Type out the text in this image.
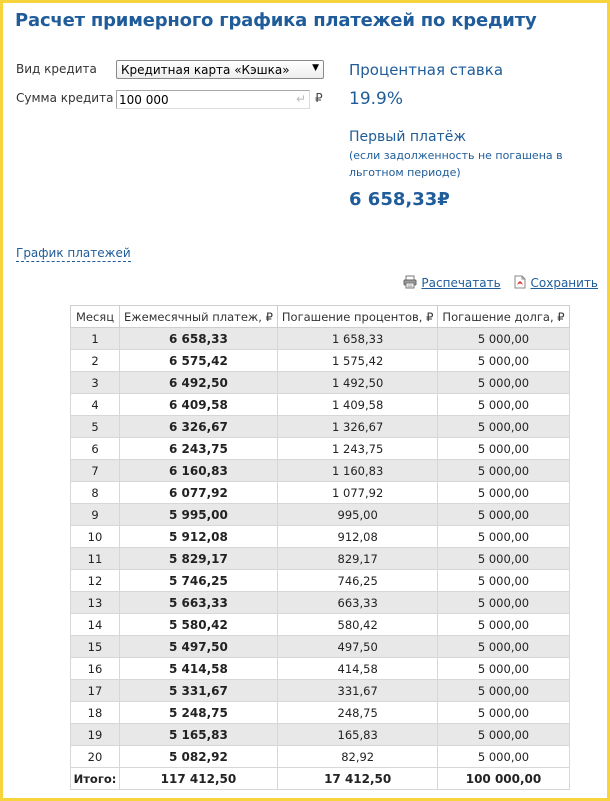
Расчет примерного графика платежей по кредиту
Вид кредита Кредитная карта «Кэшка» ▼
Сумма кредита
100 000	↵ ₽
Процентная ставка
19.9%
Первый платёж
(если задолженность не погашена в льготном периоде)
6 658,33₽
График платежей
Распечатать Сохранить
Месяц	Ежемесячный платеж, ₽	Погашение процентов, ₽	Погашение долга, ₽
1	6 658,33	1 658,33	5 000,00
2	6 575,42	1 575,42	5 000,00
3	6 492,50	1 492,50	5 000,00
4	6 409,58	1 409,58	5 000,00
5	6 326,67	1 326,67	5 000,00
6	6 243,75	1 243,75	5 000,00
7	6 160,83	1 160,83	5 000,00
8	6 077,92	1 077,92	5 000,00
9	5 995,00	995,00	5 000,00
10	5 912,08	912,08	5 000,00
11	5 829,17	829,17	5 000,00
12	5 746,25	746,25	5 000,00
13	5 663,33	663,33	5 000,00
14	5 580,42	580,42	5 000,00
15	5 497,50	497,50	5 000,00
16	5 414,58	414,58	5 000,00
17	5 331,67	331,67	5 000,00
18	5 248,75	248,75	5 000,00
19	5 165,83	165,83	5 000,00
20	5 082,92	82,92	5 000,00
Итого:	117 412,50	17 412,50	100 000,00
